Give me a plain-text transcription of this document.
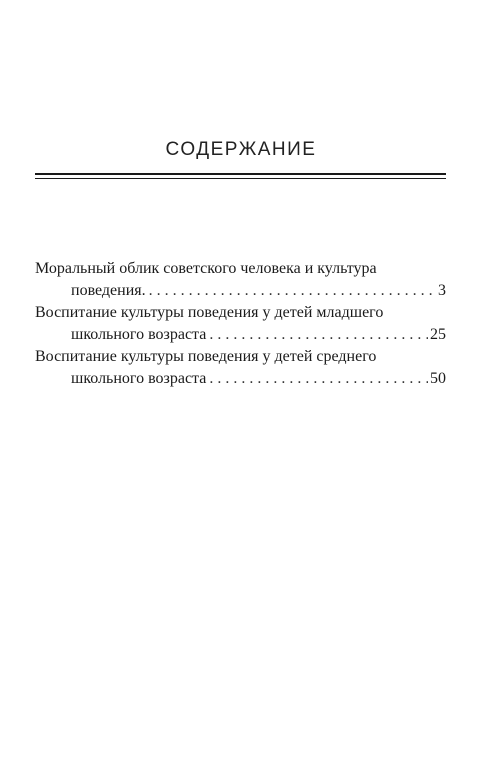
СОДЕРЖАНИЕ
Моральный облик советского человека и культура
поведения. . . .	3
Воспитание культуры поведения у детей младшего
школьного возраста . . .	25
Воспитание культуры поведения у детей среднего
школьного возраста . . .	50
